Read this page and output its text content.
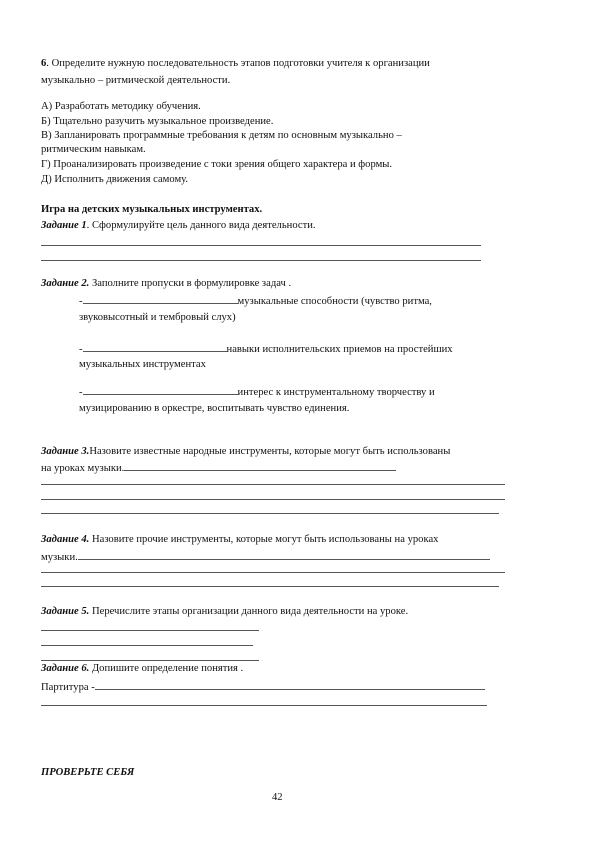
6. Определите нужную последовательность этапов подготовки учителя к организации
музыкально – ритмической деятельности.
А) Разработать методику обучения.
Б) Тщательно разучить музыкальное произведение.
В) Запланировать программные требования к детям по основным музыкально –
ритмическим навыкам.
Г) Проанализировать произведение с токи зрения общего характера и формы.
Д) Исполнить движения самому.
Игра на детских музыкальных инструментах.
Задание 1. Сформулируйте цель данного вида деятельности.
Задание 2. Заполните пропуски в формулировке задач .
-	музыкальные способности (чувство ритма,
звуковысотный и тембровый слух)
-	навыки исполнительских приемов на простейших
музыкальных инструментах
-	интерес к инструментальному творчеству и
музицированию в оркестре, воспитывать чувство единения.
Задание 3.Назовите известные народные инструменты, которые могут быть использованы
на уроках музыки.
Задание 4. Назовите прочие инструменты, которые могут быть использованы на уроках
музыки.
Задание 5. Перечислите этапы организации данного вида деятельности на уроке.
Задание 6. Допишите определение понятия .
Партитура -
ПРОВЕРЬТЕ СЕБЯ
42
